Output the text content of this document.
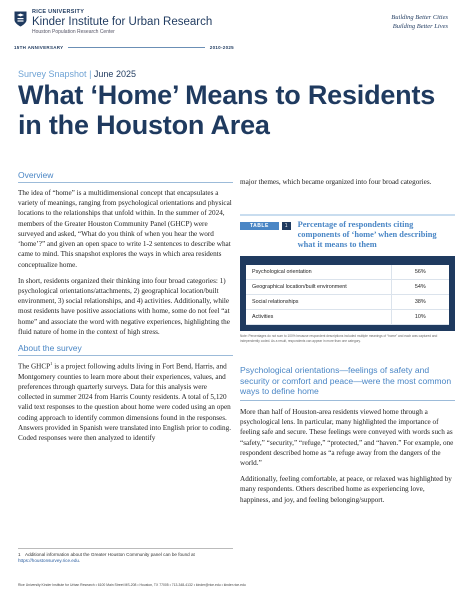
RICE UNIVERSITY
Kinder Institute for Urban Research
Houston Population Research Center
15TH ANNIVERSARY	2010-2025
Building Better Cities
Building Better Lives
Survey Snapshot | June 2025
What ‘Home’ Means to Residents in the Houston Area
Overview

The idea of “home” is a multidimensional concept that encapsulates a variety of meanings, ranging from psychological orientations and physical locations to the relationships that unfold within. In the summer of 2024, members of the Greater Houston Community Panel (GHCP) were surveyed and asked, “What do you think of when you hear the word ‘home’?” and given an open space to write 1-2 sentences to describe what came to mind. This snapshot explores the ways in which area residents conceptualize home.

In short, residents organized their thinking into four broad categories: 1) psychological orientations/attachments, 2) geographical location/built environment, 3) social relationships, and 4) activities. Additionally, while most residents have positive associations with home, some do not feel “at home” and associate the word with negative experiences, highlighting the fluid nature of home in the context of high stress.

About the survey

The GHCP$^1$ is a project following adults living in Fort Bend, Harris, and Montgomery counties to learn more about their experiences, values, and preferences through quarterly surveys. Data for this analysis were collected in summer 2024 from Harris County residents. A total of 5,120 valid text responses to the question about home were coded using an open coding approach to identify common dimensions found in the responses. Answers provided in Spanish were translated into English prior to coding. Coded responses were then analyzed to identify

major themes, which became organized into four broad categories.

TABLE	1	Percentage of respondents citing components of ‘home’ when describing what it means to them
Psychological orientation	56%
Geographical location/built environment	54%
Social relationships	38%
Activities	10%
Note: Percentages do not sum to 100% because respondent descriptions included multiple meanings of “home” and each was captured and independently coded. As a result, respondents can appear in more than one category.
Psychological orientations—feelings of safety and security or comfort and peace—were the most common ways to define home

More than half of Houston-area residents viewed home through a psychological lens. In particular, many highlighted the importance of feeling safe and secure. These feelings were conveyed with words such as “safety,” “security,” “refuge,” “protected,” and “haven.” For example, one respondent described home as “a refuge away from the dangers of the world.”

Additionally, feeling comfortable, at peace, or relaxed was highlighted by many respondents. Others described home as experiencing love, happiness, and joy, and feeling belonging/support.

1 Additional information about the Greater Houston Community panel can be found at https://houstonsurvey.rice.edu.
Rice University Kinder Institute for Urban Research • 6100 Main Street MS-208 • Houston, TX 77005 • 713-348-4132 • kinder@rice.edu • kinder.rice.edu
